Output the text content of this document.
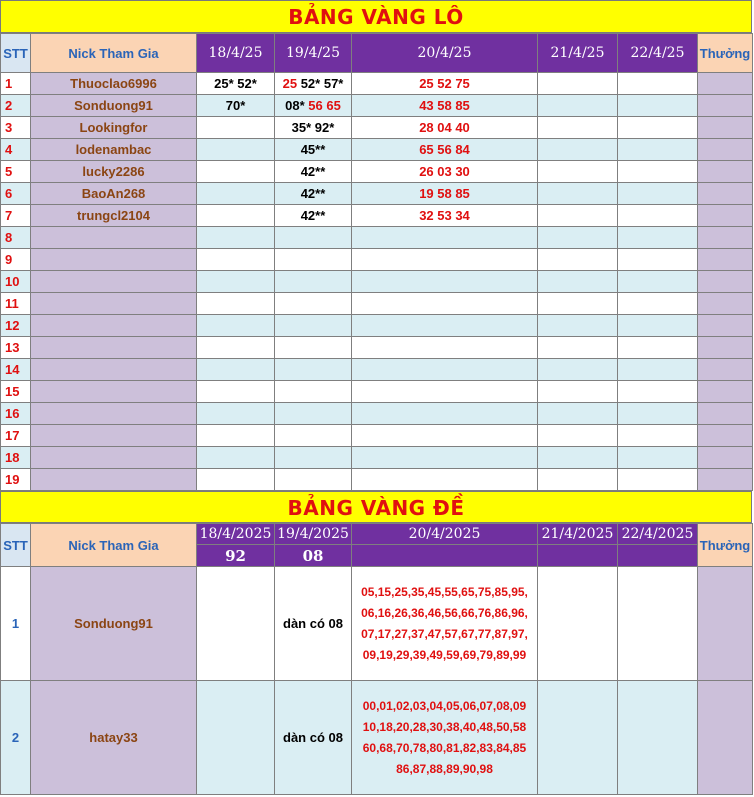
BẢNG VÀNG LÔ
STT	Nick Tham Gia	18/4/25	19/4/25	20/4/25	21/4/25	22/4/25	Thưởng
1	Thuoclao6996	25* 52*	25 52* 57*	25 52 75			
2	Sonduong91	70*	08* 56 65	43 58 85			
3	Lookingfor		35* 92*	28 04 40			
4	lodenambac		45**	65 56 84			
5	lucky2286		42**	26 03 30			
6	BaoAn268		42**	19 58 85			
7	trungcl2104		42**	32 53 34			
8							
9							
10							
11							
12							
13							
14							
15							
16							
17							
18							
19							
BẢNG VÀNG ĐỀ
STT	Nick Tham Gia	18/4/2025	19/4/2025	20/4/2025	21/4/2025	22/4/2025	Thưởng
		92	08				
1	Sonduong91		dàn có 08	05,15,25,35,45,55,65,75,85,95,
06,16,26,36,46,56,66,76,86,96,
07,17,27,37,47,57,67,77,87,97,
09,19,29,39,49,59,69,79,89,99			

2	hatay33		dàn có 08	00,01,02,03,04,05,06,07,08,09
10,18,20,28,30,38,40,48,50,58
60,68,70,78,80,81,82,83,84,85
86,87,88,89,90,98			
